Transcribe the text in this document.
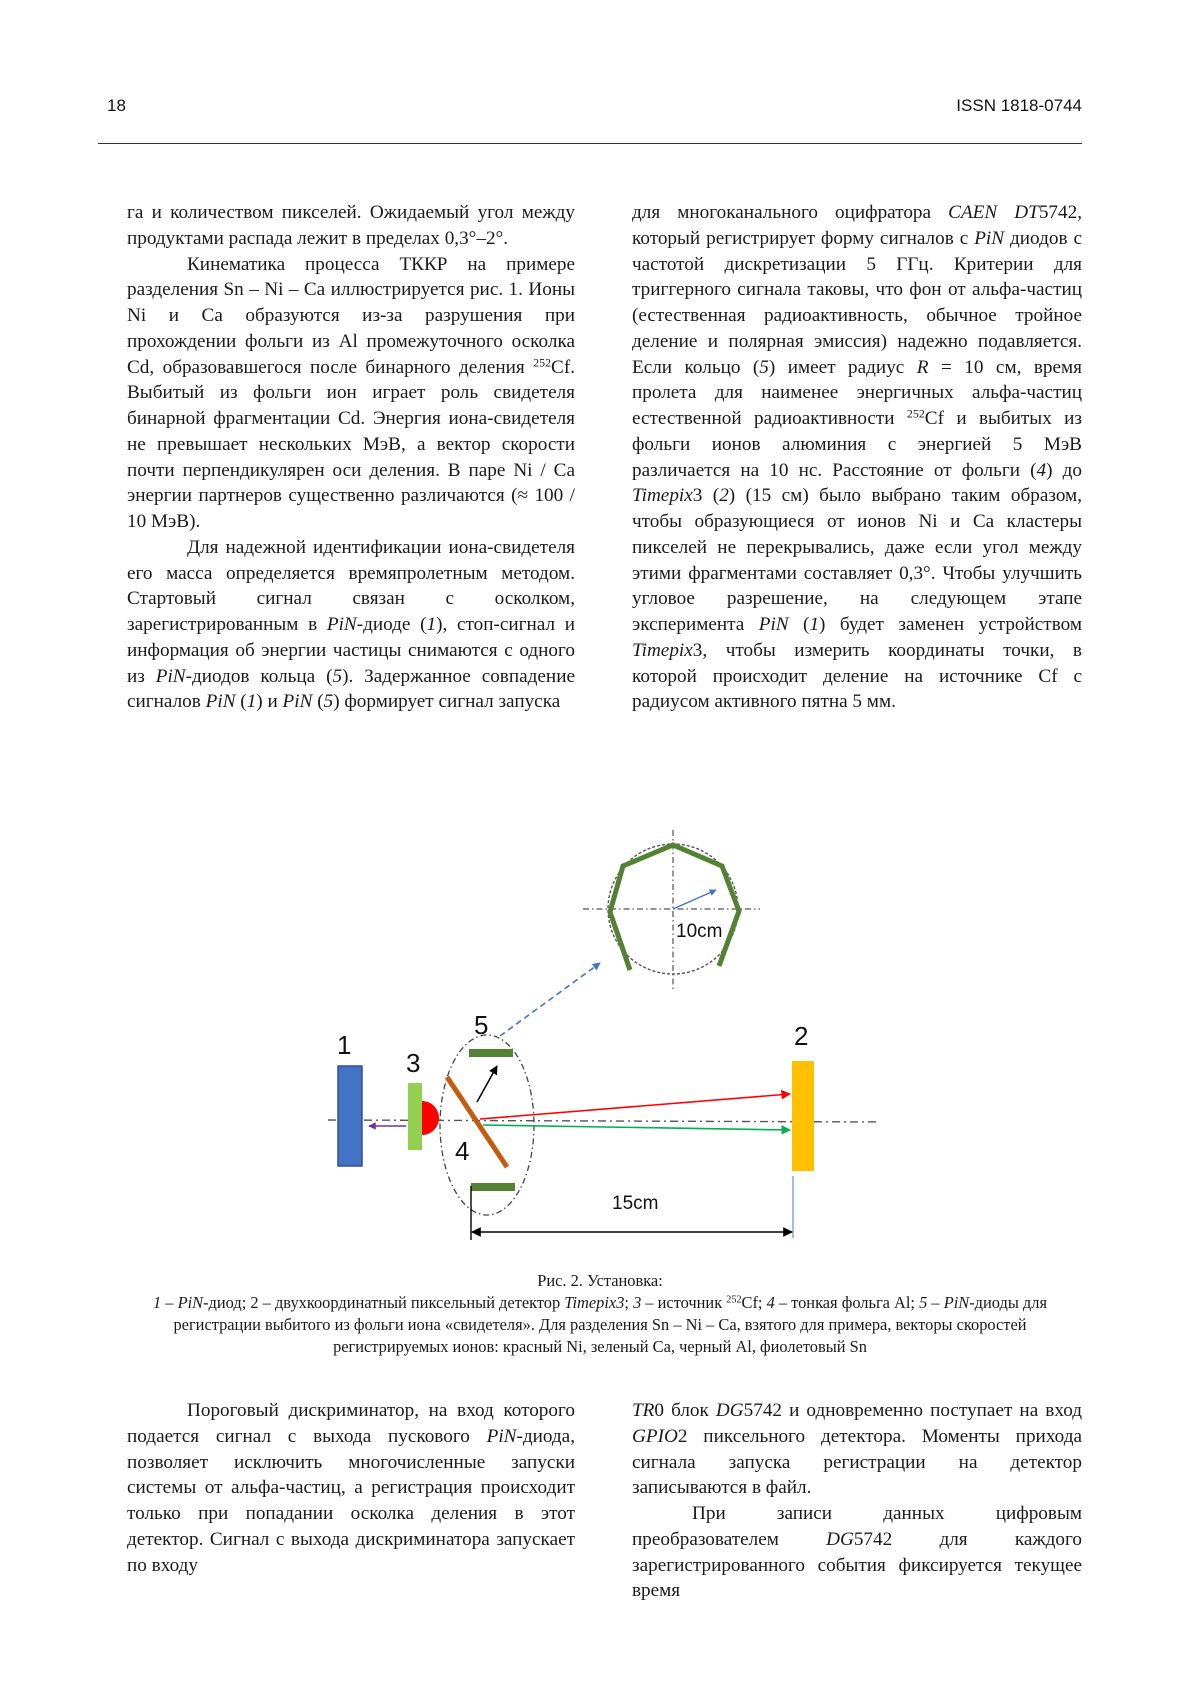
18	ISSN 1818-0744

га и количеством пикселей. Ожидаемый угол между продуктами распада лежит в пределах 0,3°–2°.

Кинематика процесса ТККР на примере разделения Sn – Ni – Ca иллюстрируется рис. 1. Ионы Ni и Ca образуются из-за разрушения при прохождении фольги из Al промежуточного осколка Cd, образовавшегося после бинарного деления $^{252}$Cf. Выбитый из фольги ион играет роль свидетеля бинарной фрагментации Cd. Энергия иона-свидетеля не превышает нескольких МэВ, а вектор скорости почти перпендикулярен оси деления. В паре Ni / Ca энергии партнеров существенно различаются (≈ 100 / 10 МэВ).

Для надежной идентификации иона-свидетеля его масса определяется времяпролетным методом. Стартовый сигнал связан с осколком, зарегистрированным в PiN-диоде (1), стоп-сигнал и информация об энергии частицы снимаются с одного из PiN-диодов кольца (5). Задержанное совпадение сигналов PiN (1) и PiN (5) формирует сигнал запуска

для многоканального оцифратора CAEN DT5742, который регистрирует форму сигналов с PiN диодов с частотой дискретизации 5 ГГц. Критерии для триггерного сигнала таковы, что фон от альфа-частиц (естественная радиоактивность, обычное тройное деление и полярная эмиссия) надежно подавляется. Если кольцо (5) имеет радиус R = 10 см, время пролета для наименее энергичных альфа-частиц естественной радиоактивности $^{252}$Cf и выбитых из фольги ионов алюминия с энергией 5 МэВ различается на 10 нс. Расстояние от фольги (4) до Timepix3 (2) (15 см) было выбрано таким образом, чтобы образующиеся от ионов Ni и Ca кластеры пикселей не перекрывались, даже если угол между этими фрагментами составляет 0,3°. Чтобы улучшить угловое разрешение, на следующем этапе эксперимента PiN (1) будет заменен устройством Timepix3, чтобы измерить координаты точки, в которой происходит деление на источнике Cf с радиусом активного пятна 5 мм.

10cm
1
3
5
4
2
15cm

Рис. 2. Установка:

1 – PiN-диод; 2 – двухкоординатный пиксельный детектор Timepix3; 3 – источник $^{252}$Cf; 4 – тонкая фольга Al; 5 – PiN-диоды для регистрации выбитого из фольги иона «свидетеля». Для разделения Sn – Ni – Ca, взятого для примера, векторы скоростей регистрируемых ионов: красный Ni, зеленый Ca, черный Al, фиолетовый Sn

Пороговый дискриминатор, на вход которого подается сигнал с выхода пускового PiN-диода, позволяет исключить многочисленные запуски системы от альфа-частиц, а регистрация происходит только при попадании осколка деления в этот детектор. Сигнал с выхода дискриминатора запускает по входу

TR0 блок DG5742 и одновременно поступает на вход GPIO2 пиксельного детектора. Моменты прихода сигнала запуска регистрации на детектор записываются в файл.

При записи данных цифровым преобразователем DG5742 для каждого зарегистрированного события фиксируется текущее время
